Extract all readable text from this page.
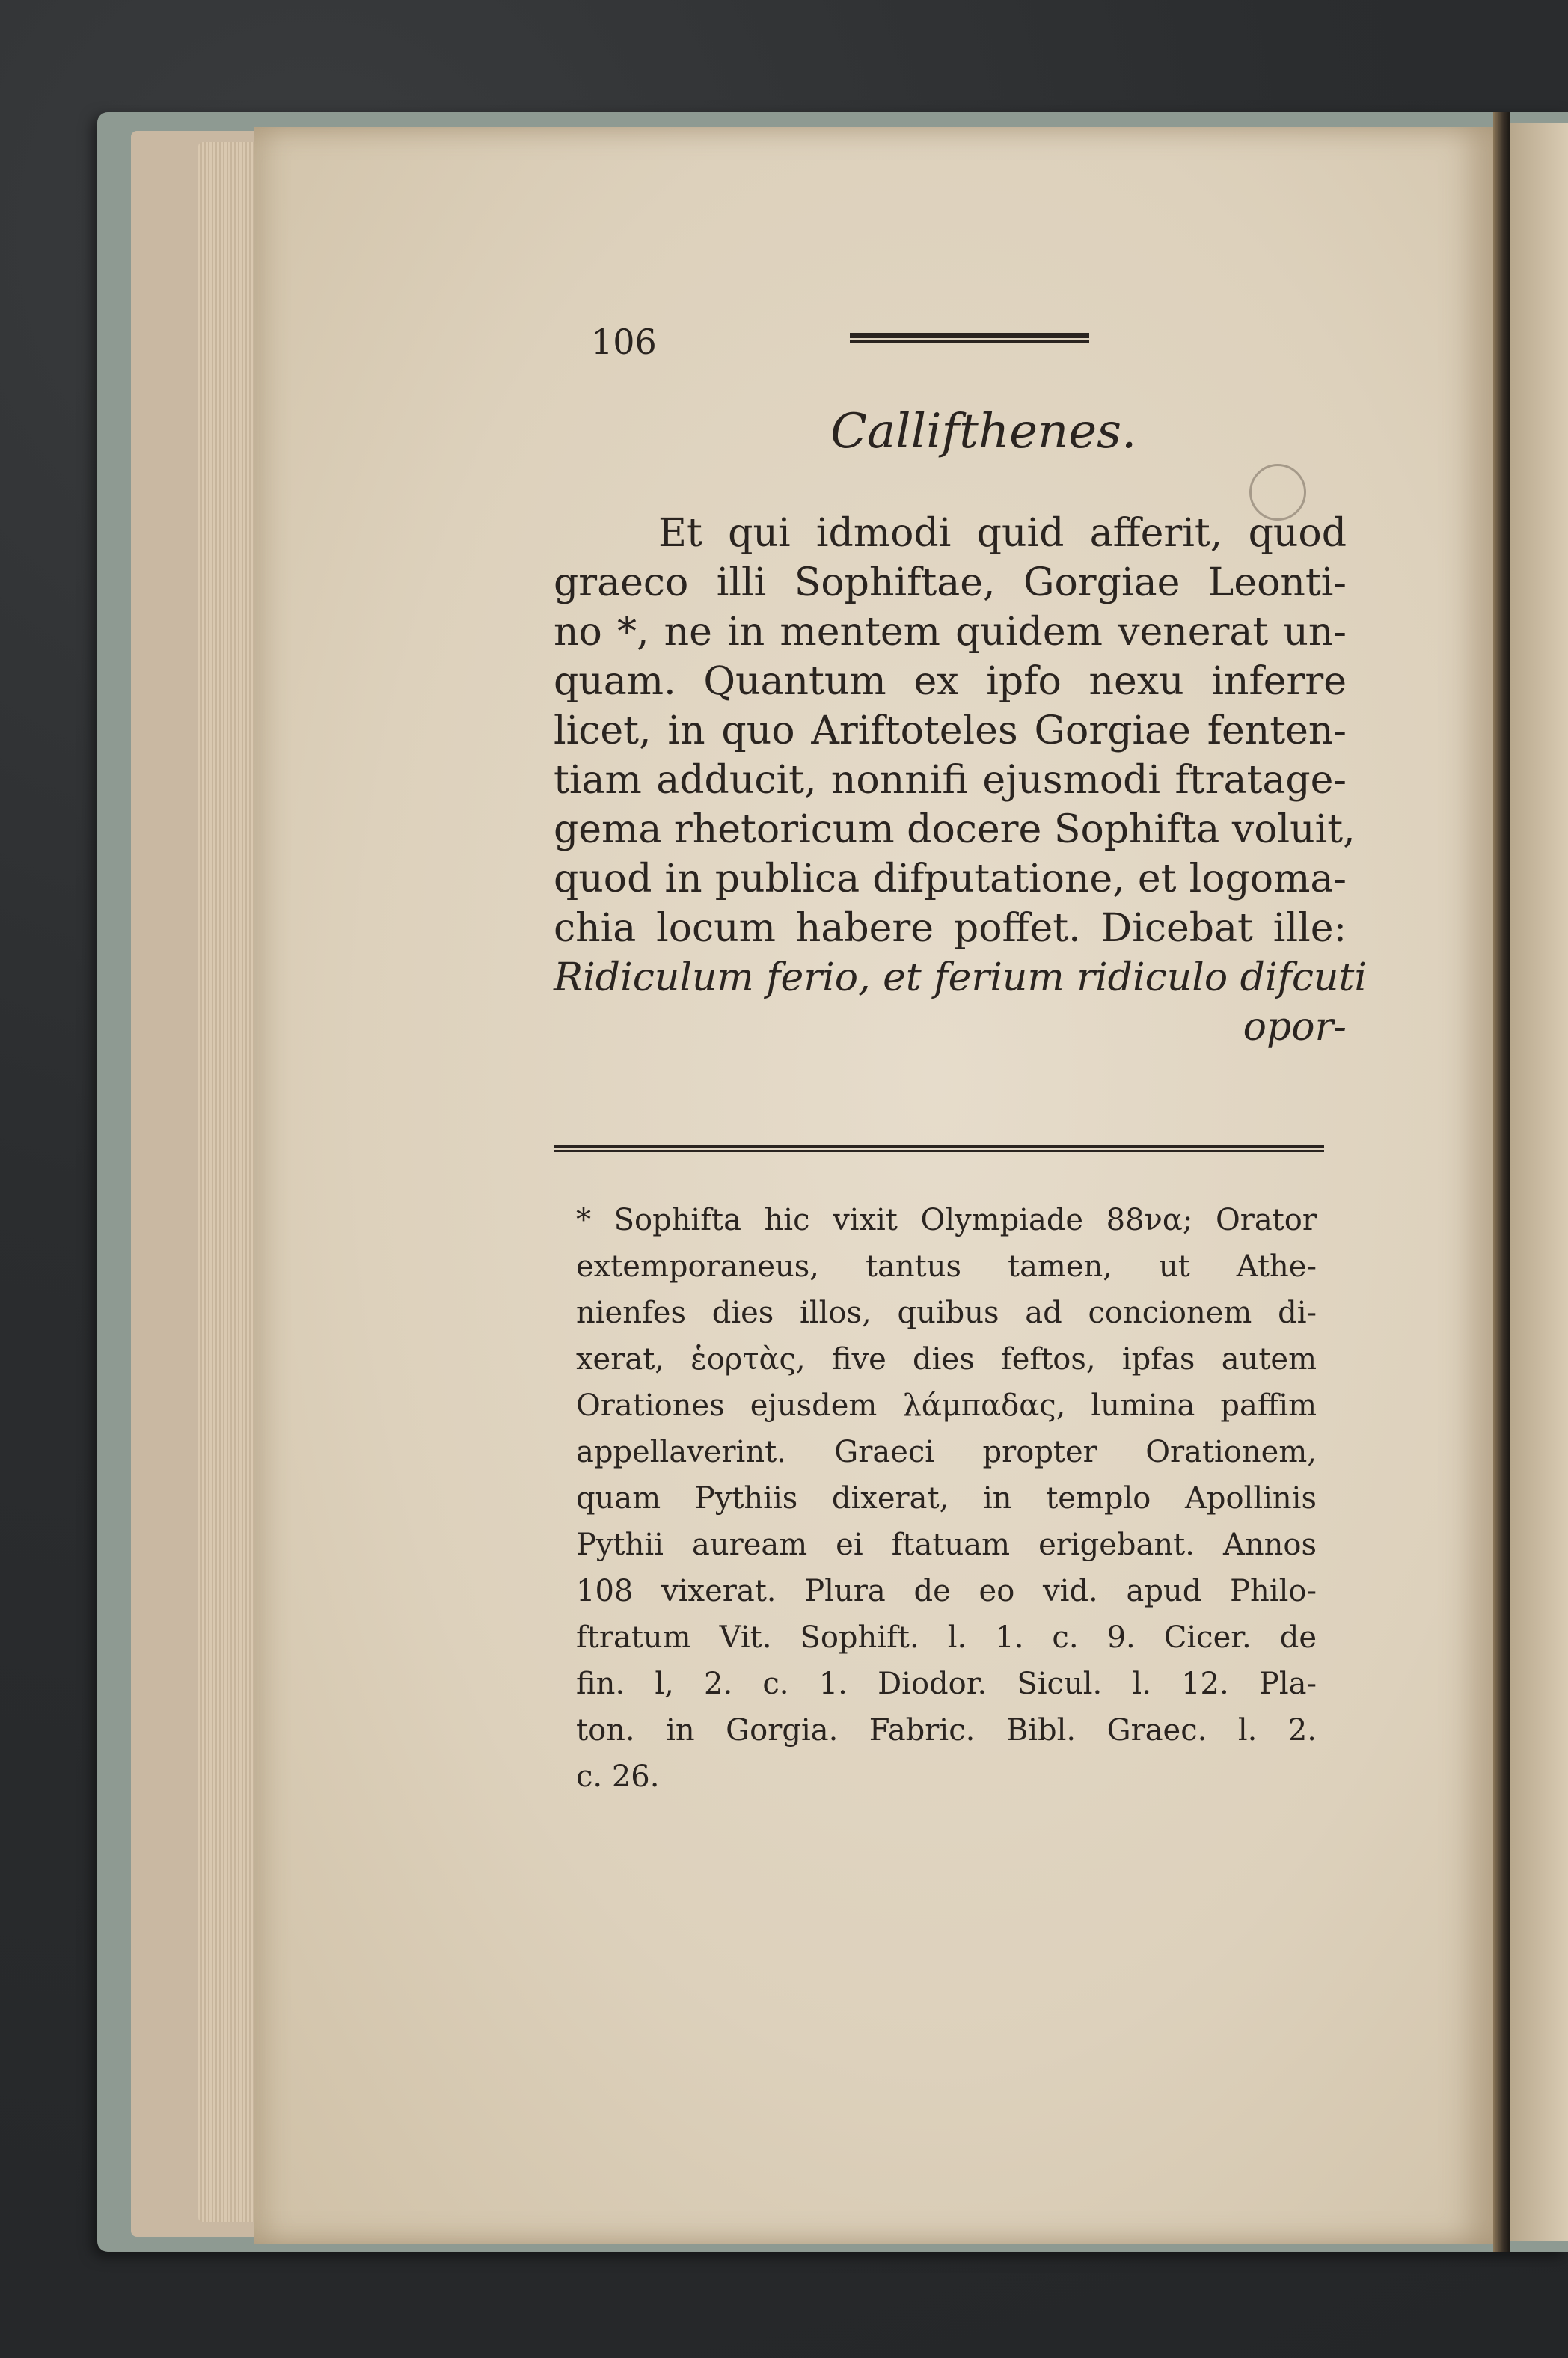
106
Callifthenes.
Et qui idmodi quid afferit, quod
graeco illi Sophiftae, Gorgiae Leonti-
no *, ne in mentem quidem venerat un-
quam. Quantum ex ipfo nexu inferre
licet, in quo Ariftoteles Gorgiae fenten-
tiam adducit, nonnifi ejusmodi ftratage-
gema rhetoricum docere Sophifta voluit,
quod in publica difputatione, et logoma-
chia locum habere poffet. Dicebat ille:
Ridiculum ferio, et ferium ridiculo difcuti
opor-
* Sophifta hic vixit Olympiade 88να; Orator
extemporaneus, tantus tamen, ut Athe-
nienfes dies illos, quibus ad concionem di-
xerat, ἑορτὰς, five dies feftos, ipfas autem
Orationes ejusdem λάμπαδας, lumina paffim
appellaverint. Graeci propter Orationem,
quam Pythiis dixerat, in templo Apollinis
Pythii auream ei ftatuam erigebant. Annos
108 vixerat. Plura de eo vid. apud Philo-
ftratum Vit. Sophift. l. 1. c. 9. Cicer. de
fin. l, 2. c. 1. Diodor. Sicul. l. 12. Pla-
ton. in Gorgia. Fabric. Bibl. Graec. l. 2.
c. 26.
